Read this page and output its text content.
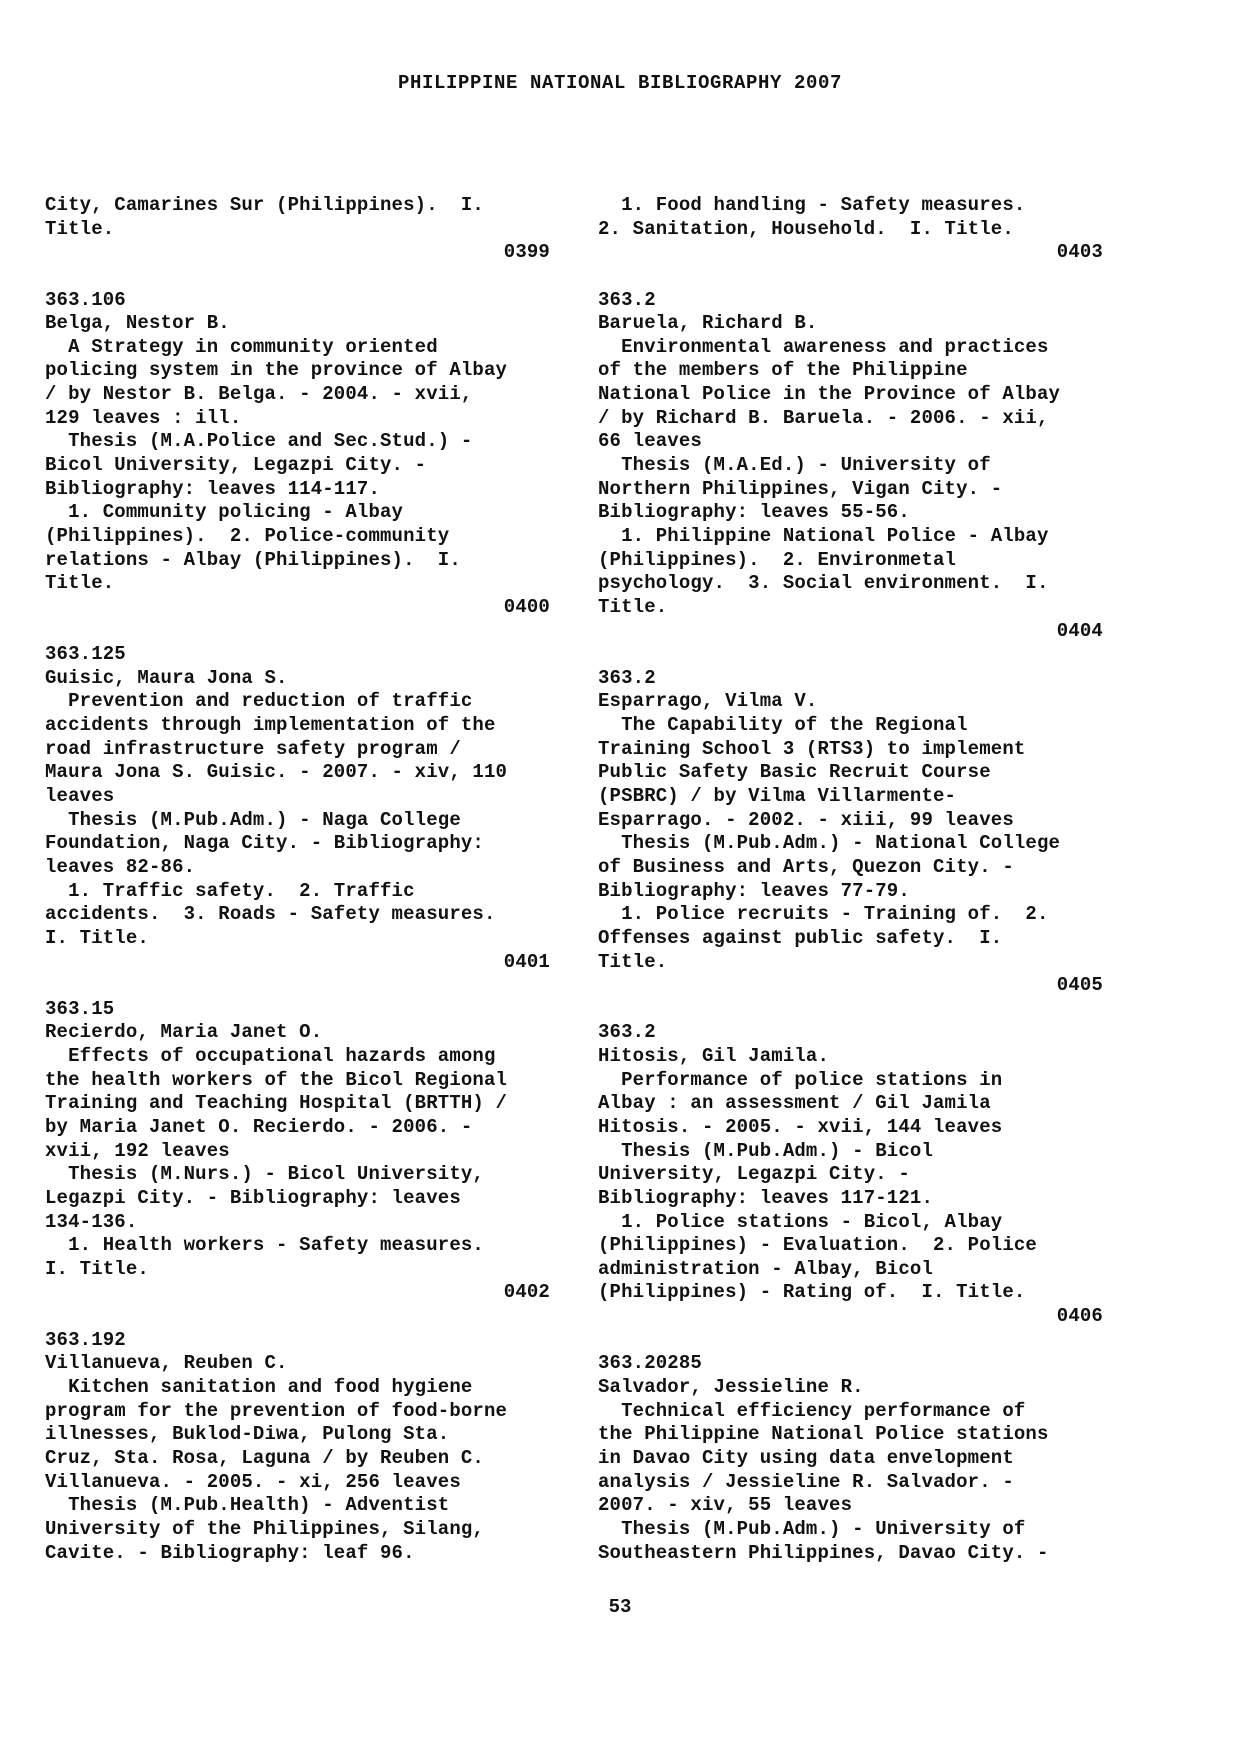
PHILIPPINE NATIONAL BIBLIOGRAPHY 2007
City, Camarines Sur (Philippines).  I.
Title.
0399
363.106
Belga, Nestor B.
A Strategy in community oriented
policing system in the province of Albay
/ by Nestor B. Belga. - 2004. - xvii,
129 leaves : ill.
Thesis (M.A.Police and Sec.Stud.) -
Bicol University, Legazpi City. -
Bibliography: leaves 114-117.
1. Community policing - Albay
(Philippines).  2. Police-community
relations - Albay (Philippines).  I.
Title.
0400
363.125
Guisic, Maura Jona S.
Prevention and reduction of traffic
accidents through implementation of the
road infrastructure safety program /
Maura Jona S. Guisic. - 2007. - xiv, 110
leaves
Thesis (M.Pub.Adm.) - Naga College
Foundation, Naga City. - Bibliography:
leaves 82-86.
1. Traffic safety.  2. Traffic
accidents.  3. Roads - Safety measures.
I. Title.
0401
363.15
Recierdo, Maria Janet O.
Effects of occupational hazards among
the health workers of the Bicol Regional
Training and Teaching Hospital (BRTTH) /
by Maria Janet O. Recierdo. - 2006. -
xvii, 192 leaves
Thesis (M.Nurs.) - Bicol University,
Legazpi City. - Bibliography: leaves
134-136.
1. Health workers - Safety measures.
I. Title.
0402
363.192
Villanueva, Reuben C.
Kitchen sanitation and food hygiene
program for the prevention of food-borne
illnesses, Buklod-Diwa, Pulong Sta.
Cruz, Sta. Rosa, Laguna / by Reuben C.
Villanueva. - 2005. - xi, 256 leaves
Thesis (M.Pub.Health) - Adventist
University of the Philippines, Silang,
Cavite. - Bibliography: leaf 96.
1. Food handling - Safety measures.
2. Sanitation, Household.  I. Title.
0403
363.2
Baruela, Richard B.
Environmental awareness and practices
of the members of the Philippine
National Police in the Province of Albay
/ by Richard B. Baruela. - 2006. - xii,
66 leaves
Thesis (M.A.Ed.) - University of
Northern Philippines, Vigan City. -
Bibliography: leaves 55-56.
1. Philippine National Police - Albay
(Philippines).  2. Environmetal
psychology.  3. Social environment.  I.
Title.
0404
363.2
Esparrago, Vilma V.
The Capability of the Regional
Training School 3 (RTS3) to implement
Public Safety Basic Recruit Course
(PSBRC) / by Vilma Villarmente-
Esparrago. - 2002. - xiii, 99 leaves
Thesis (M.Pub.Adm.) - National College
of Business and Arts, Quezon City. -
Bibliography: leaves 77-79.
1. Police recruits - Training of.  2.
Offenses against public safety.  I.
Title.
0405
363.2
Hitosis, Gil Jamila.
Performance of police stations in
Albay : an assessment / Gil Jamila
Hitosis. - 2005. - xvii, 144 leaves
Thesis (M.Pub.Adm.) - Bicol
University, Legazpi City. -
Bibliography: leaves 117-121.
1. Police stations - Bicol, Albay
(Philippines) - Evaluation.  2. Police
administration - Albay, Bicol
(Philippines) - Rating of.  I. Title.
0406
363.20285
Salvador, Jessieline R.
Technical efficiency performance of
the Philippine National Police stations
in Davao City using data envelopment
analysis / Jessieline R. Salvador. -
2007. - xiv, 55 leaves
Thesis (M.Pub.Adm.) - University of
Southeastern Philippines, Davao City. -
53
